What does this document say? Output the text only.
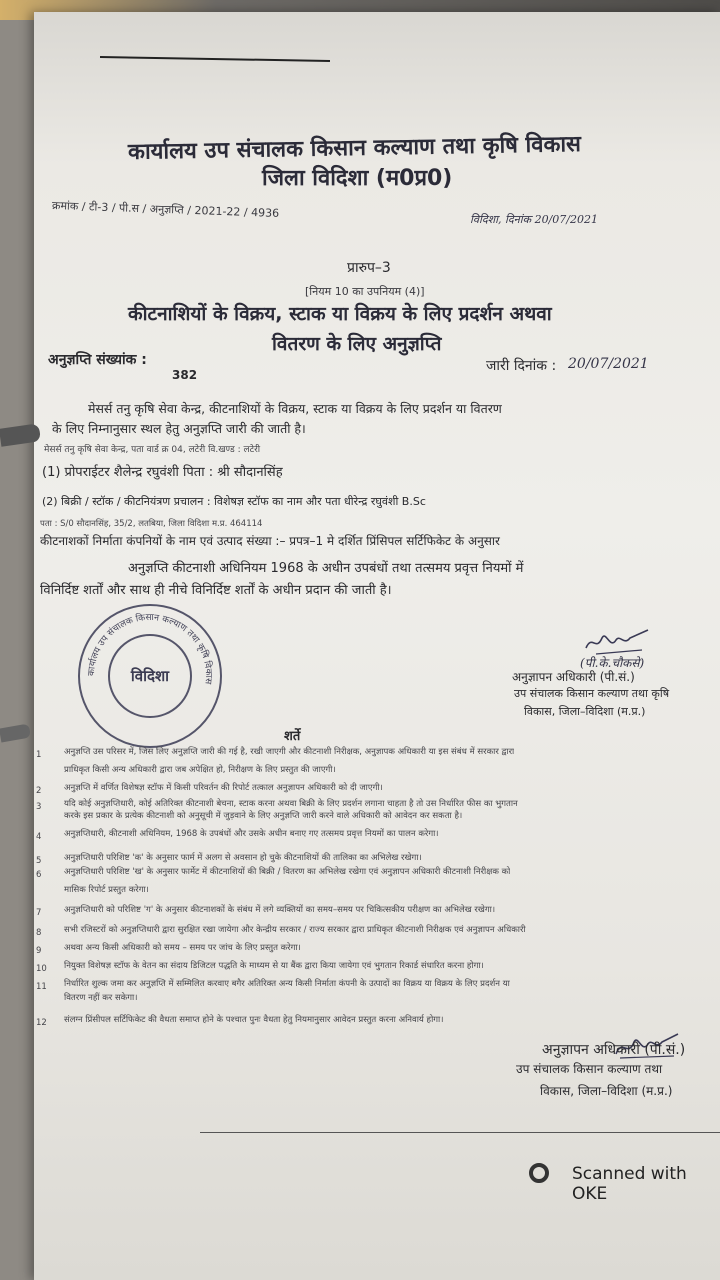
कार्यालय उप संचालक किसान कल्याण तथा कृषि विकास
जिला विदिशा (म0प्र0)
क्रमांक / टी-3 / पी.स / अनुज्ञप्ति / 2021-22 / 4936	विदिशा, दिनांक 20/07/2021
प्रारुप–3
[नियम 10 का उपनियम (4)]
कीटनाशियों के विक्रय, स्टाक या विक्रय के लिए प्रदर्शन अथवा
वितरण के लिए अनुज्ञप्ति
अनुज्ञप्ति संख्यांक :
382
जारी दिनांक : 20/07/2021
मेसर्स तनु कृषि सेवा केन्द्र, कीटनाशियों के विक्रय, स्टाक या विक्रय के लिए प्रदर्शन या वितरण
के लिए निम्नानुसार स्थल हेतु अनुज्ञप्ति जारी की जाती है।
मेसर्स तनु कृषि सेवा केन्द्र, पता वार्ड क्र 04, लटेरी वि.खण्ड : लटेरी
(1) प्रोपराईटर शैलेन्द्र रघुवंशी पिता : श्री सौदानसिंह
(2) बिक्री / स्टॉक / कीटनियंत्रण प्रचालन : विशेषज्ञ स्टॉफ का नाम और पता धीरेन्द्र रघुवंशी B.Sc
पता : S/0 सौदानसिंह, 35/2, लतबिया, जिला विदिशा म.प्र. 464114
कीटनाशकों निर्माता कंपनियों के नाम एवं उत्पाद संख्या :– प्रपत्र–1 मे दर्शित प्रिंसिपल सर्टिफिकेट के अनुसार
अनुज्ञप्ति कीटनाशी अधिनियम 1968 के अधीन उपबंधों तथा तत्समय प्रवृत्त नियमों में
विनिर्दिष्ट शर्तों और साथ ही नीचे विनिर्दिष्ट शर्तों के अधीन प्रदान की जाती है।
कार्यालय उप संचालक किसान कल्याण तथा कृषि विकास
विदिशा
(पी.के.चौकसे)
अनुज्ञापन अधिकारी (पी.सं.)
उप संचालक किसान कल्याण तथा कृषि
विकास, जिला–विदिशा (म.प्र.)
शर्ते
1	अनुज्ञप्ति उस परिसर में, जिस लिए अनुज्ञप्ति जारी की गई है, रखी जाएगी और कीटनाशी निरीक्षक, अनुज्ञापक अधिकारी या इस संबंध में सरकार द्वारा
प्राधिकृत किसी अन्य अधिकारी द्वारा जब अपेक्षित हो, निरीक्षण के लिए प्रस्तुत की जाएगी।
2	अनुज्ञप्ति में वर्णित विशेषज्ञ स्टॉफ में किसी परिवर्तन की रिपोर्ट तत्काल अनुज्ञापन अधिकारी को दी जाएगी।
3	यदि कोई अनुज्ञप्तिधारी, कोई अतिरिक्त कीटनाशी बेचना, स्टाक करना अथवा बिक्री के लिए प्रदर्शन लगाना चाहता है तो उस निर्धारित फीस का भुगतान
करके इस प्रकार के प्रत्येक कीटनाशी को अनुसूची में जुड़वाने के लिए अनुज्ञप्ति जारी करने वाले अधिकारी को आवेदन कर सकता है।
4	अनुज्ञप्तिधारी, कीटनाशी अधिनियम, 1968 के उपबंधों और उसके अधीन बनाए गए तत्समय प्रवृत्त नियमों का पालन करेगा।
5	अनुज्ञप्तिधारी परिशिष्ट 'क' के अनुसार फार्म में अलग से अवसान हो चुके कीटनाशियों की तालिका का अभिलेख रखेगा।
6	अनुज्ञप्तिधारी परिशिष्ट 'ख' के अनुसार फार्मेट में कीटनाशियों की बिक्री / वितरण का अभिलेख रखेगा एवं अनुज्ञापन अधिकारी कीटनाशी निरीक्षक को
मासिक रिपोर्ट प्रस्तुत करेगा।
7	अनुज्ञप्तिधारी को परिशिष्ट 'ग' के अनुसार कीटनाशकों के संबंध में लगे व्यक्तियों का समय–समय पर चिकित्सकीय परीक्षण का अभिलेख रखेगा।
8	सभी रजिस्टरों को अनुज्ञप्तिधारी द्वारा सुरक्षित रखा जायेगा और केन्द्रीय सरकार / राज्य सरकार द्वारा प्राधिकृत कीटनाशी निरीक्षक एवं अनुज्ञापन अधिकारी
9	अथवा अन्य किसी अधिकारी को समय – समय पर जांच के लिए प्रस्तुत करेगा।
10 नियुक्त विशेषज्ञ स्टॉफ के वेतन का संदाय डिजिटल पद्धति के माध्यम से या बैंक द्वारा किया जायेगा एवं भुगतान रिकार्ड संधारित करना होगा।
11 निर्धारित शुल्क जमा कर अनुज्ञप्ति में सम्मिलित करवाए बगैर अतिरिक्त अन्य किसी निर्माता कंपनी के उत्पादों का विक्रय या विक्रय के लिए प्रदर्शन या
वितरण नहीं कर सकेगा।
12 संलग्न प्रिंसीपल सर्टिफिकेट की वैधता समाप्त होने के पश्चात पुनः वैधता हेतु नियमानुसार आवेदन प्रस्तुत करना अनिवार्य होगा।
अनुज्ञापन अधिकारी (पी.सं.)
उप संचालक किसान कल्याण तथा
विकास, जिला–विदिशा (म.प्र.)
Scanned with OKE
